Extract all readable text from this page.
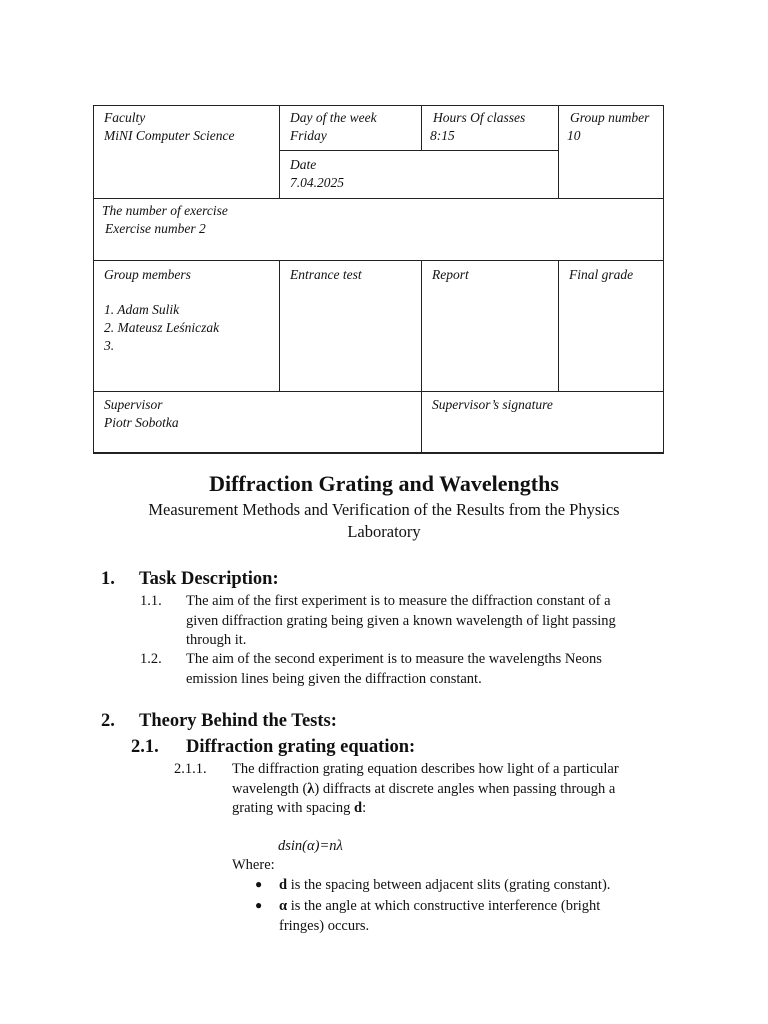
Faculty
MiNI Computer Science
Day of the week
Friday
Hours Of classes
8:15
Group number
10
Date
7.04.2025
The number of exercise
Exercise number 2
Group members
1. Adam Sulik
2. Mateusz Leśniczak
3.
Entrance test	Report	Final grade
Supervisor
Piotr Sobotka
Supervisor’s signature
Diffraction Grating and Wavelengths
Measurement Methods and Verification of the Results from the Physics Laboratory
1. Task Description:
1.1. The aim of the first experiment is to measure the diffraction constant of a
given diffraction grating being given a known wavelength of light passing
through it.
1.2. The aim of the second experiment is to measure the wavelengths Neons
emission lines being given the diffraction constant.
2. Theory Behind the Tests:
2.1. Diffraction grating equation:
2.1.1. The diffraction grating equation describes how light of a particular
wavelength (λ) diffracts at discrete angles when passing through a
grating with spacing d:
dsin(α)=nλ
Where:
● d is the spacing between adjacent slits (grating constant).
● α is the angle at which constructive interference (bright
fringes) occurs.
